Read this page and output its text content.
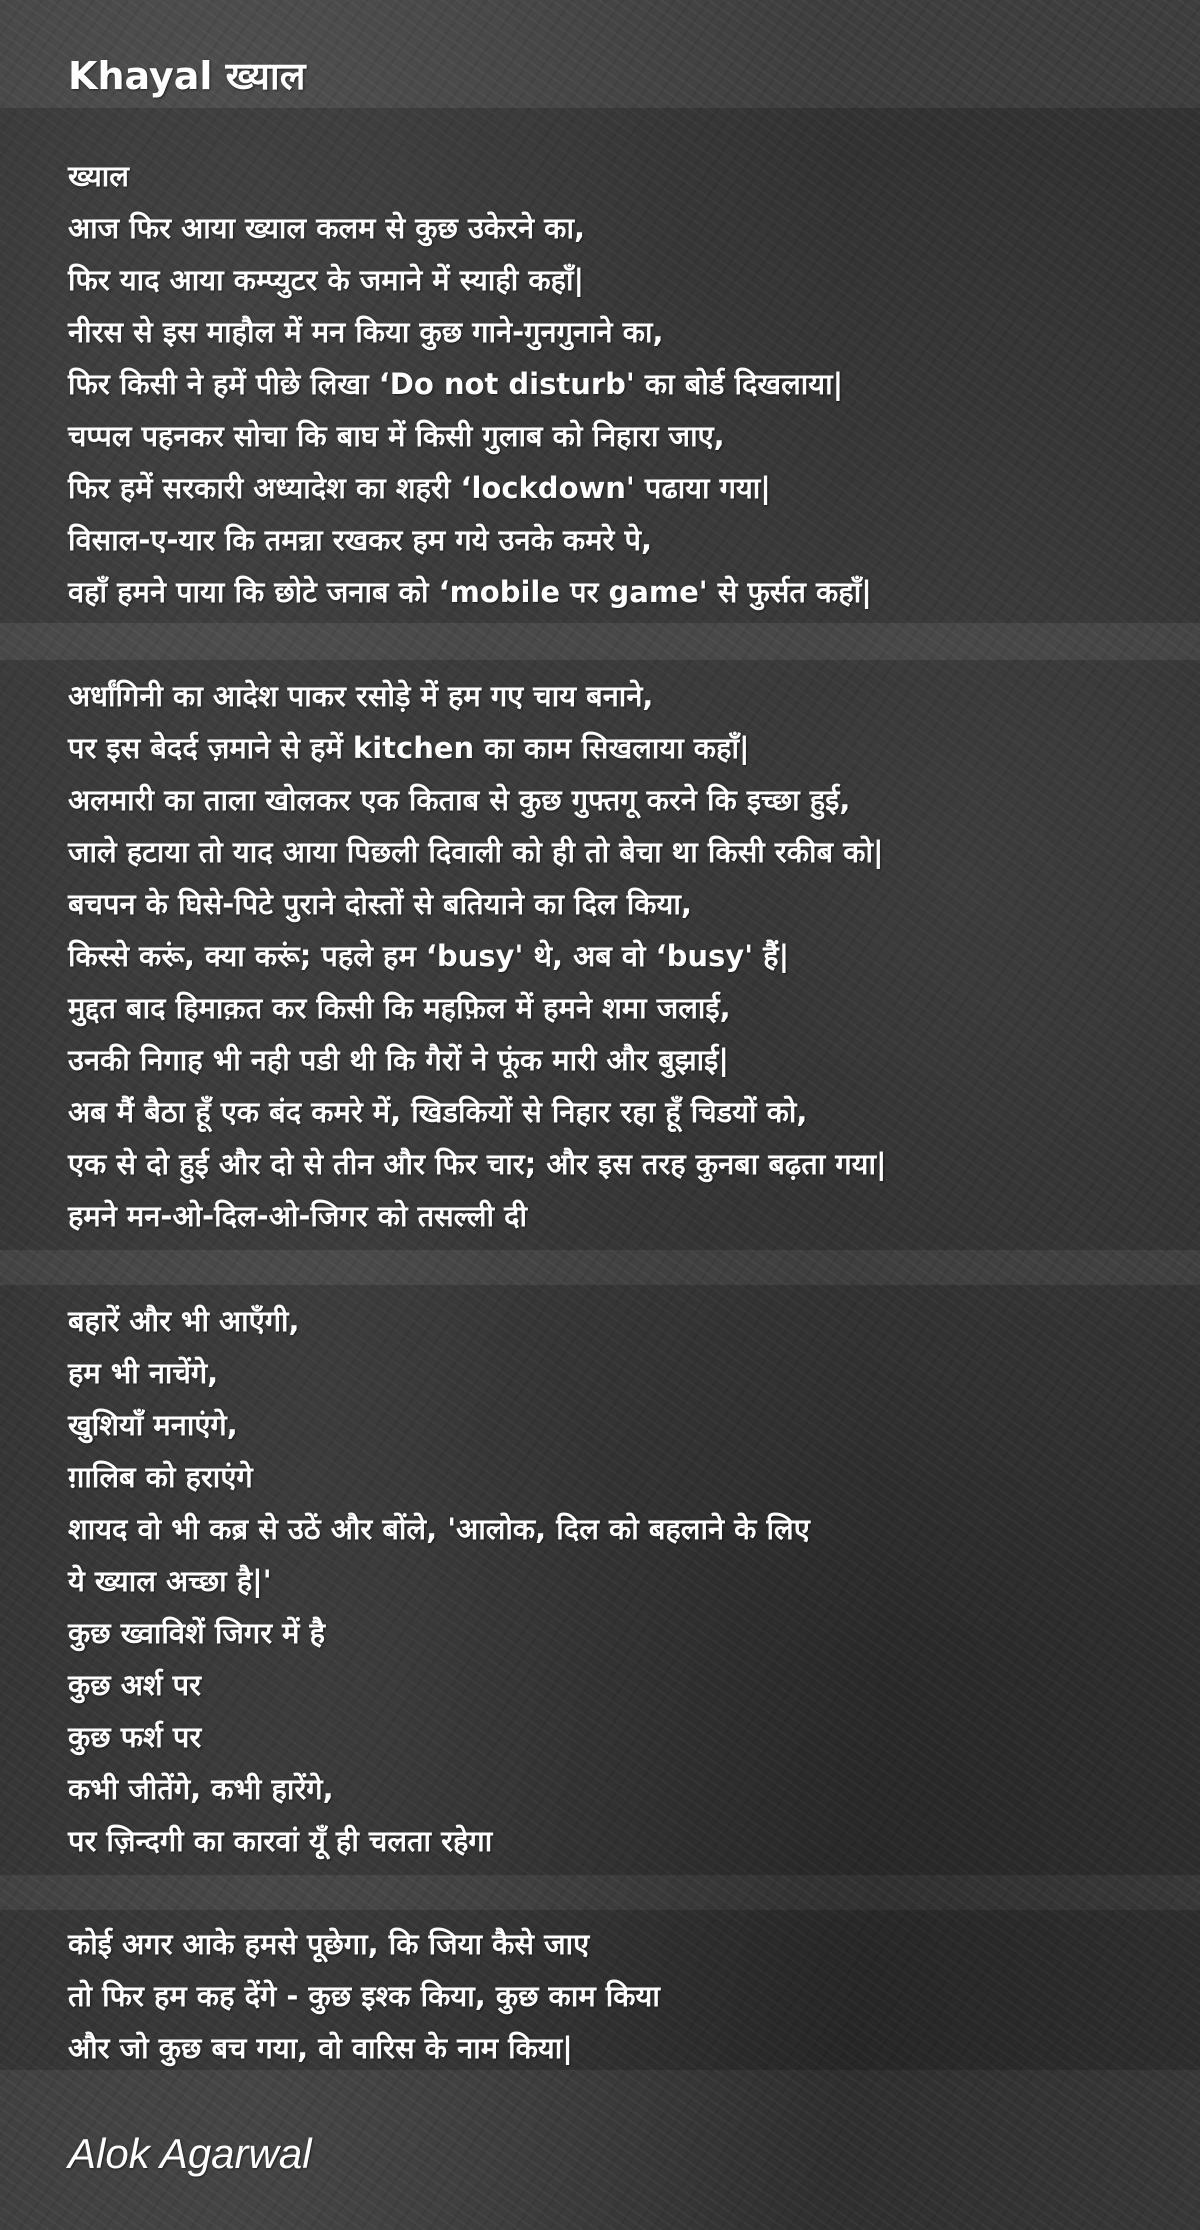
Khayal ख्याल
ख्याल
आज फिर आया ख्याल कलम से कुछ उकेरने का,
फिर याद आया कम्प्युटर के जमाने में स्याही कहाँ|
नीरस से इस माहौल में मन किया कुछ गाने-गुनगुनाने का,
फिर किसी ने हमें पीछे लिखा ‘Do not disturb' का बोर्ड दिखलाया|
चप्पल पहनकर सोचा कि बाघ में किसी गुलाब को निहारा जाए,
फिर हमें सरकारी अध्यादेश का शहरी ‘lockdown' पढाया गया|
विसाल-ए-यार कि तमन्ना रखकर हम गये उनके कमरे पे,
वहाँ हमने पाया कि छोटे जनाब को ‘mobile पर game' से फुर्सत कहाँ|
अर्धांगिनी का आदेश पाकर रसोड़े में हम गए चाय बनाने,
पर इस बेदर्द ज़माने से हमें kitchen का काम सिखलाया कहाँ|
अलमारी का ताला खोलकर एक किताब से कुछ गुफ्तगू करने कि इच्छा हुई,
जाले हटाया तो याद आया पिछली दिवाली को ही तो बेचा था किसी रकीब को|
बचपन के घिसे-पिटे पुराने दोस्तों से बतियाने का दिल किया,
किस्से करूं, क्या करूं; पहले हम ‘busy' थे, अब वो ‘busy' हैं|
मुद्दत बाद हिमाक़त कर किसी कि महफ़िल में हमने शमा जलाई,
उनकी निगाह भी नही पडी थी कि गैरों ने फूंक मारी और बुझाई|
अब मैं बैठा हूँ एक बंद कमरे में, खिडकियों से निहार रहा हूँ चिडयों को,
एक से दो हुई और दो से तीन और फिर चार; और इस तरह कुनबा बढ़ता गया|
हमने मन-ओ-दिल-ओ-जिगर को तसल्ली दी
बहारें और भी आएँगी,
हम भी नाचेंगे,
खुशियाँ मनाएंगे,
ग़ालिब को हराएंगे
शायद वो भी कब्र से उठें और बोंले, 'आलोक, दिल को बहलाने के लिए
ये ख्याल अच्छा है|'
कुछ ख्वाविशें जिगर में है
कुछ अर्श पर
कुछ फर्श पर
कभी जीतेंगे, कभी हारेंगे,
पर ज़िन्दगी का कारवां यूँ ही चलता रहेगा
कोई अगर आके हमसे पूछेगा, कि जिया कैसे जाए
तो फिर हम कह देंगे - कुछ इश्क किया, कुछ काम किया
और जो कुछ बच गया, वो वारिस के नाम किया|
Alok Agarwal
